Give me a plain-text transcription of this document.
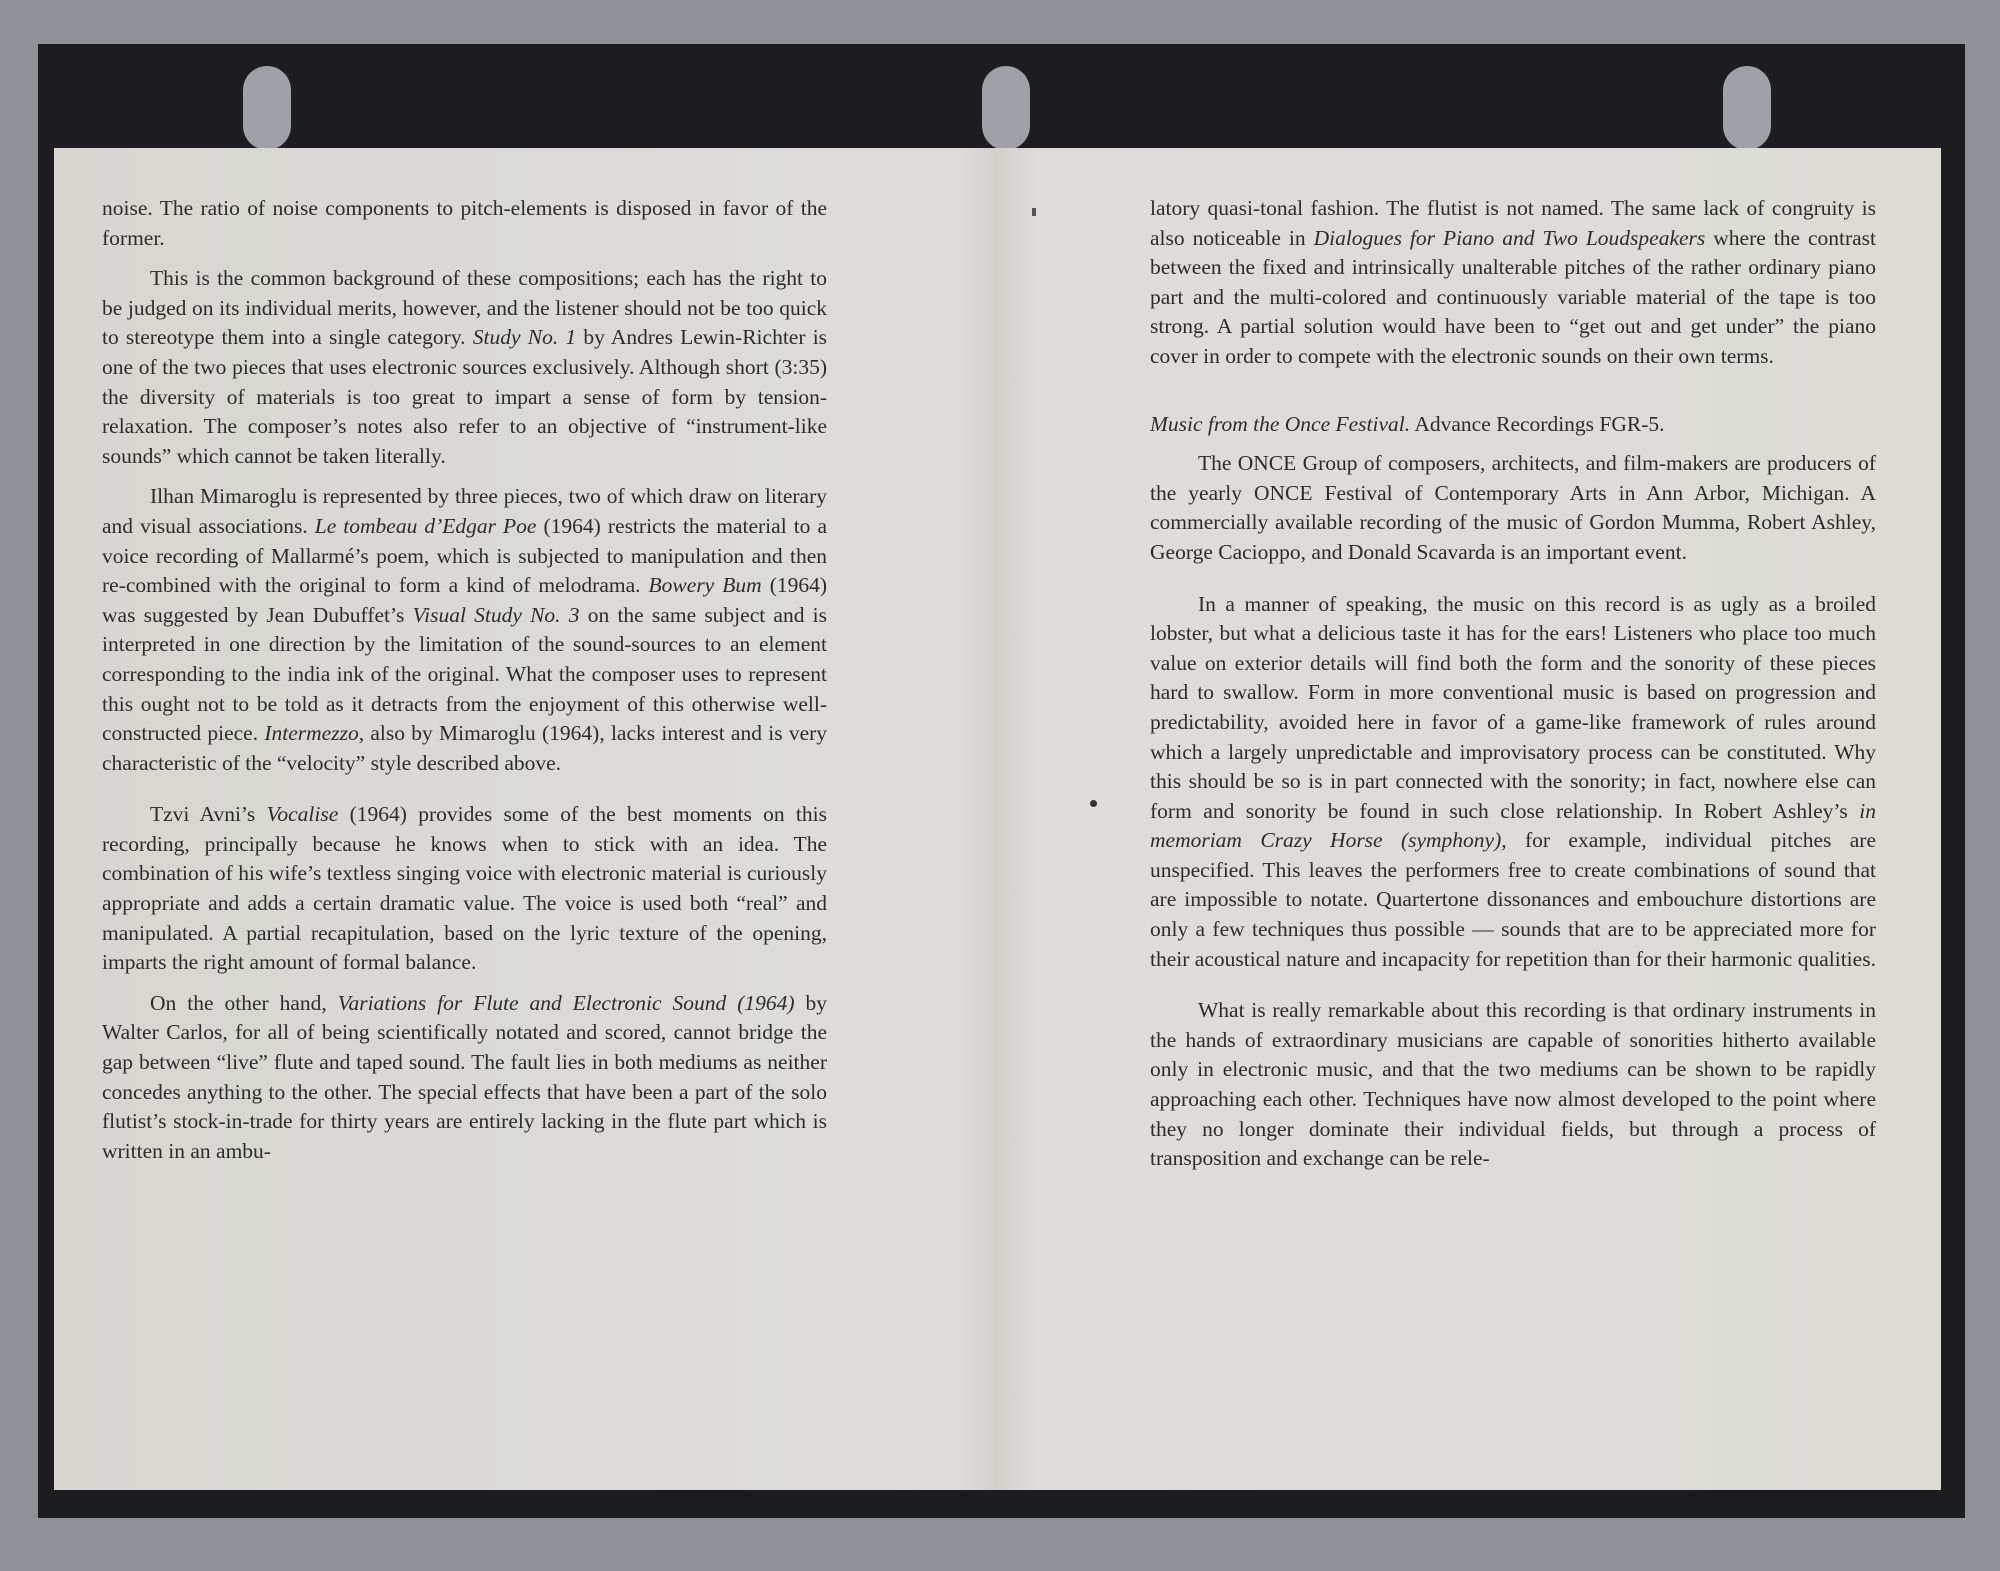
noise. The ratio of noise components to pitch-elements is disposed in favor of the former.

This is the common background of these compositions; each has the right to be judged on its individual merits, however, and the listener should not be too quick to stereotype them into a single category. Study No. 1 by Andres Lewin-Richter is one of the two pieces that uses electronic sources exclusively. Although short (3:35) the diversity of materials is too great to impart a sense of form by tension-relaxation. The composer’s notes also refer to an objective of “instrument-like sounds” which cannot be taken literally.

Ilhan Mimaroglu is represented by three pieces, two of which draw on literary and visual associations. Le tombeau d’Edgar Poe (1964) restricts the material to a voice recording of Mallarmé’s poem, which is subjected to manipulation and then re-combined with the original to form a kind of melodrama. Bowery Bum (1964) was suggested by Jean Dubuffet’s Visual Study No. 3 on the same subject and is interpreted in one direction by the limitation of the sound-sources to an element corresponding to the india ink of the original. What the composer uses to represent this ought not to be told as it detracts from the enjoyment of this otherwise well-constructed piece. Intermezzo, also by Mimaroglu (1964), lacks interest and is very characteristic of the “velocity” style described above.

Tzvi Avni’s Vocalise (1964) provides some of the best moments on this recording, principally because he knows when to stick with an idea. The combination of his wife’s textless singing voice with electronic material is curiously appropriate and adds a certain dramatic value. The voice is used both “real” and manipulated. A partial recapitulation, based on the lyric texture of the opening, imparts the right amount of formal balance.

On the other hand, Variations for Flute and Electronic Sound (1964) by Walter Carlos, for all of being scientifically notated and scored, cannot bridge the gap between “live” flute and taped sound. The fault lies in both mediums as neither concedes anything to the other. The special effects that have been a part of the solo flutist’s stock-in-trade for thirty years are entirely lacking in the flute part which is written in an ambu-

latory quasi-tonal fashion. The flutist is not named. The same lack of congruity is also noticeable in Dialogues for Piano and Two Loudspeakers where the contrast between the fixed and intrinsically unalterable pitches of the rather ordinary piano part and the multi-colored and continuously variable material of the tape is too strong. A partial solution would have been to “get out and get under” the piano cover in order to compete with the electronic sounds on their own terms.

Music from the Once Festival. Advance Recordings FGR-5.

The ONCE Group of composers, architects, and film-makers are producers of the yearly ONCE Festival of Contemporary Arts in Ann Arbor, Michigan. A commercially available recording of the music of Gordon Mumma, Robert Ashley, George Cacioppo, and Donald Scavarda is an important event.

In a manner of speaking, the music on this record is as ugly as a broiled lobster, but what a delicious taste it has for the ears! Listeners who place too much value on exterior details will find both the form and the sonority of these pieces hard to swallow. Form in more conventional music is based on progression and predictability, avoided here in favor of a game-like framework of rules around which a largely unpredictable and improvisatory process can be constituted. Why this should be so is in part connected with the sonority; in fact, nowhere else can form and sonority be found in such close relationship. In Robert Ashley’s in memoriam Crazy Horse (symphony), for example, individual pitches are unspecified. This leaves the performers free to create combinations of sound that are impossible to notate. Quartertone dissonances and embouchure distortions are only a few techniques thus possible — sounds that are to be appreciated more for their acoustical nature and incapacity for repetition than for their harmonic qualities.

What is really remarkable about this recording is that ordinary instruments in the hands of extraordinary musicians are capable of sonorities hitherto available only in electronic music, and that the two mediums can be shown to be rapidly approaching each other. Techniques have now almost developed to the point where they no longer dominate their individual fields, but through a process of transposition and exchange can be rele-
